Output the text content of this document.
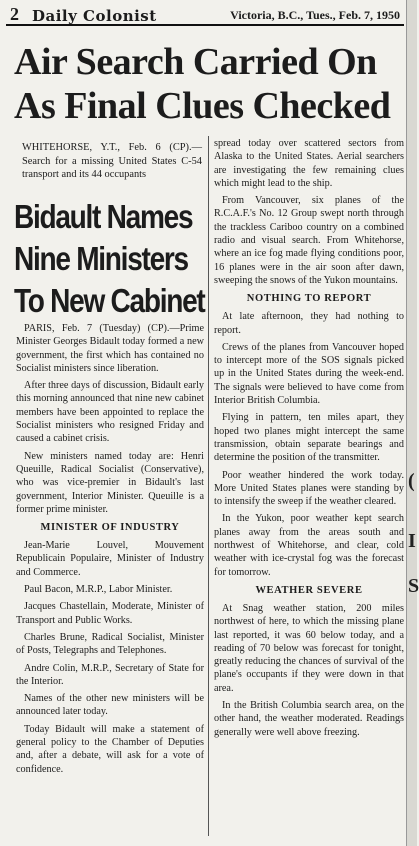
2 Daily Colonist	Victoria, B.C., Tues., Feb. 7, 1950
Air Search Carried On
As Final Clues Checked
WHITEHORSE, Y.T., Feb. 6 (CP).—Search for a missing United States C-54 transport and its 44 occupants
Bidault Names
Nine Ministers
To New Cabinet

PARIS, Feb. 7 (Tuesday) (CP).—Prime Minister Georges Bidault today formed a new government, the first which has contained no Socialist ministers since liberation.

After three days of discussion, Bidault early this morning announced that nine new cabinet members have been appointed to replace the Socialist ministers who resigned Friday and caused a cabinet crisis.

New ministers named today are: Henri Queuille, Radical Socialist (Conservative), who was vice-premier in Bidault's last government, Interior Minister. Queuille is a former prime minister.

MINISTER OF INDUSTRY

Jean-Marie Louvel, Mouvement Republicain Populaire, Minister of Industry and Commerce.

Paul Bacon, M.R.P., Labor Minister.

Jacques Chastellain, Moderate, Minister of Transport and Public Works.

Charles Brune, Radical Socialist, Minister of Posts, Telegraphs and Telephones.

Andre Colin, M.R.P., Secretary of State for the Interior.

Names of the other new ministers will be announced later today.

Today Bidault will make a statement of general policy to the Chamber of Deputies and, after a debate, will ask for a vote of confidence.

spread today over scattered sectors from Alaska to the United States. Aerial searchers are investigating the few remaining clues which might lead to the ship.

From Vancouver, six planes of the R.C.A.F.'s No. 12 Group swept north through the trackless Cariboo country on a combined radio and visual search. From Whitehorse, where an ice fog made flying conditions poor, 16 planes were in the air soon after dawn, sweeping the snows of the Yukon mountains.

NOTHING TO REPORT

At late afternoon, they had nothing to report.

Crews of the planes from Vancouver hoped to intercept more of the SOS signals picked up in the United States during the week-end. The signals were believed to have come from Interior British Columbia.

Flying in pattern, ten miles apart, they hoped two planes might intercept the same transmission, obtain separate bearings and determine the position of the transmitter.

Poor weather hindered the work today. More United States planes were standing by to intensify the sweep if the weather cleared.

In the Yukon, poor weather kept search planes away from the areas south and northwest of Whitehorse, and clear, cold weather with ice-crystal fog was the forecast for tomorrow.

WEATHER SEVERE

At Snag weather station, 200 miles northwest of here, to which the missing plane last reported, it was 60 below today, and a reading of 70 below was forecast for tonight, greatly reducing the chances of survival of the plane's occupants if they were down in that area.

In the British Columbia search area, on the other hand, the weather moderated. Readings generally were well above freezing.

(
I
S
